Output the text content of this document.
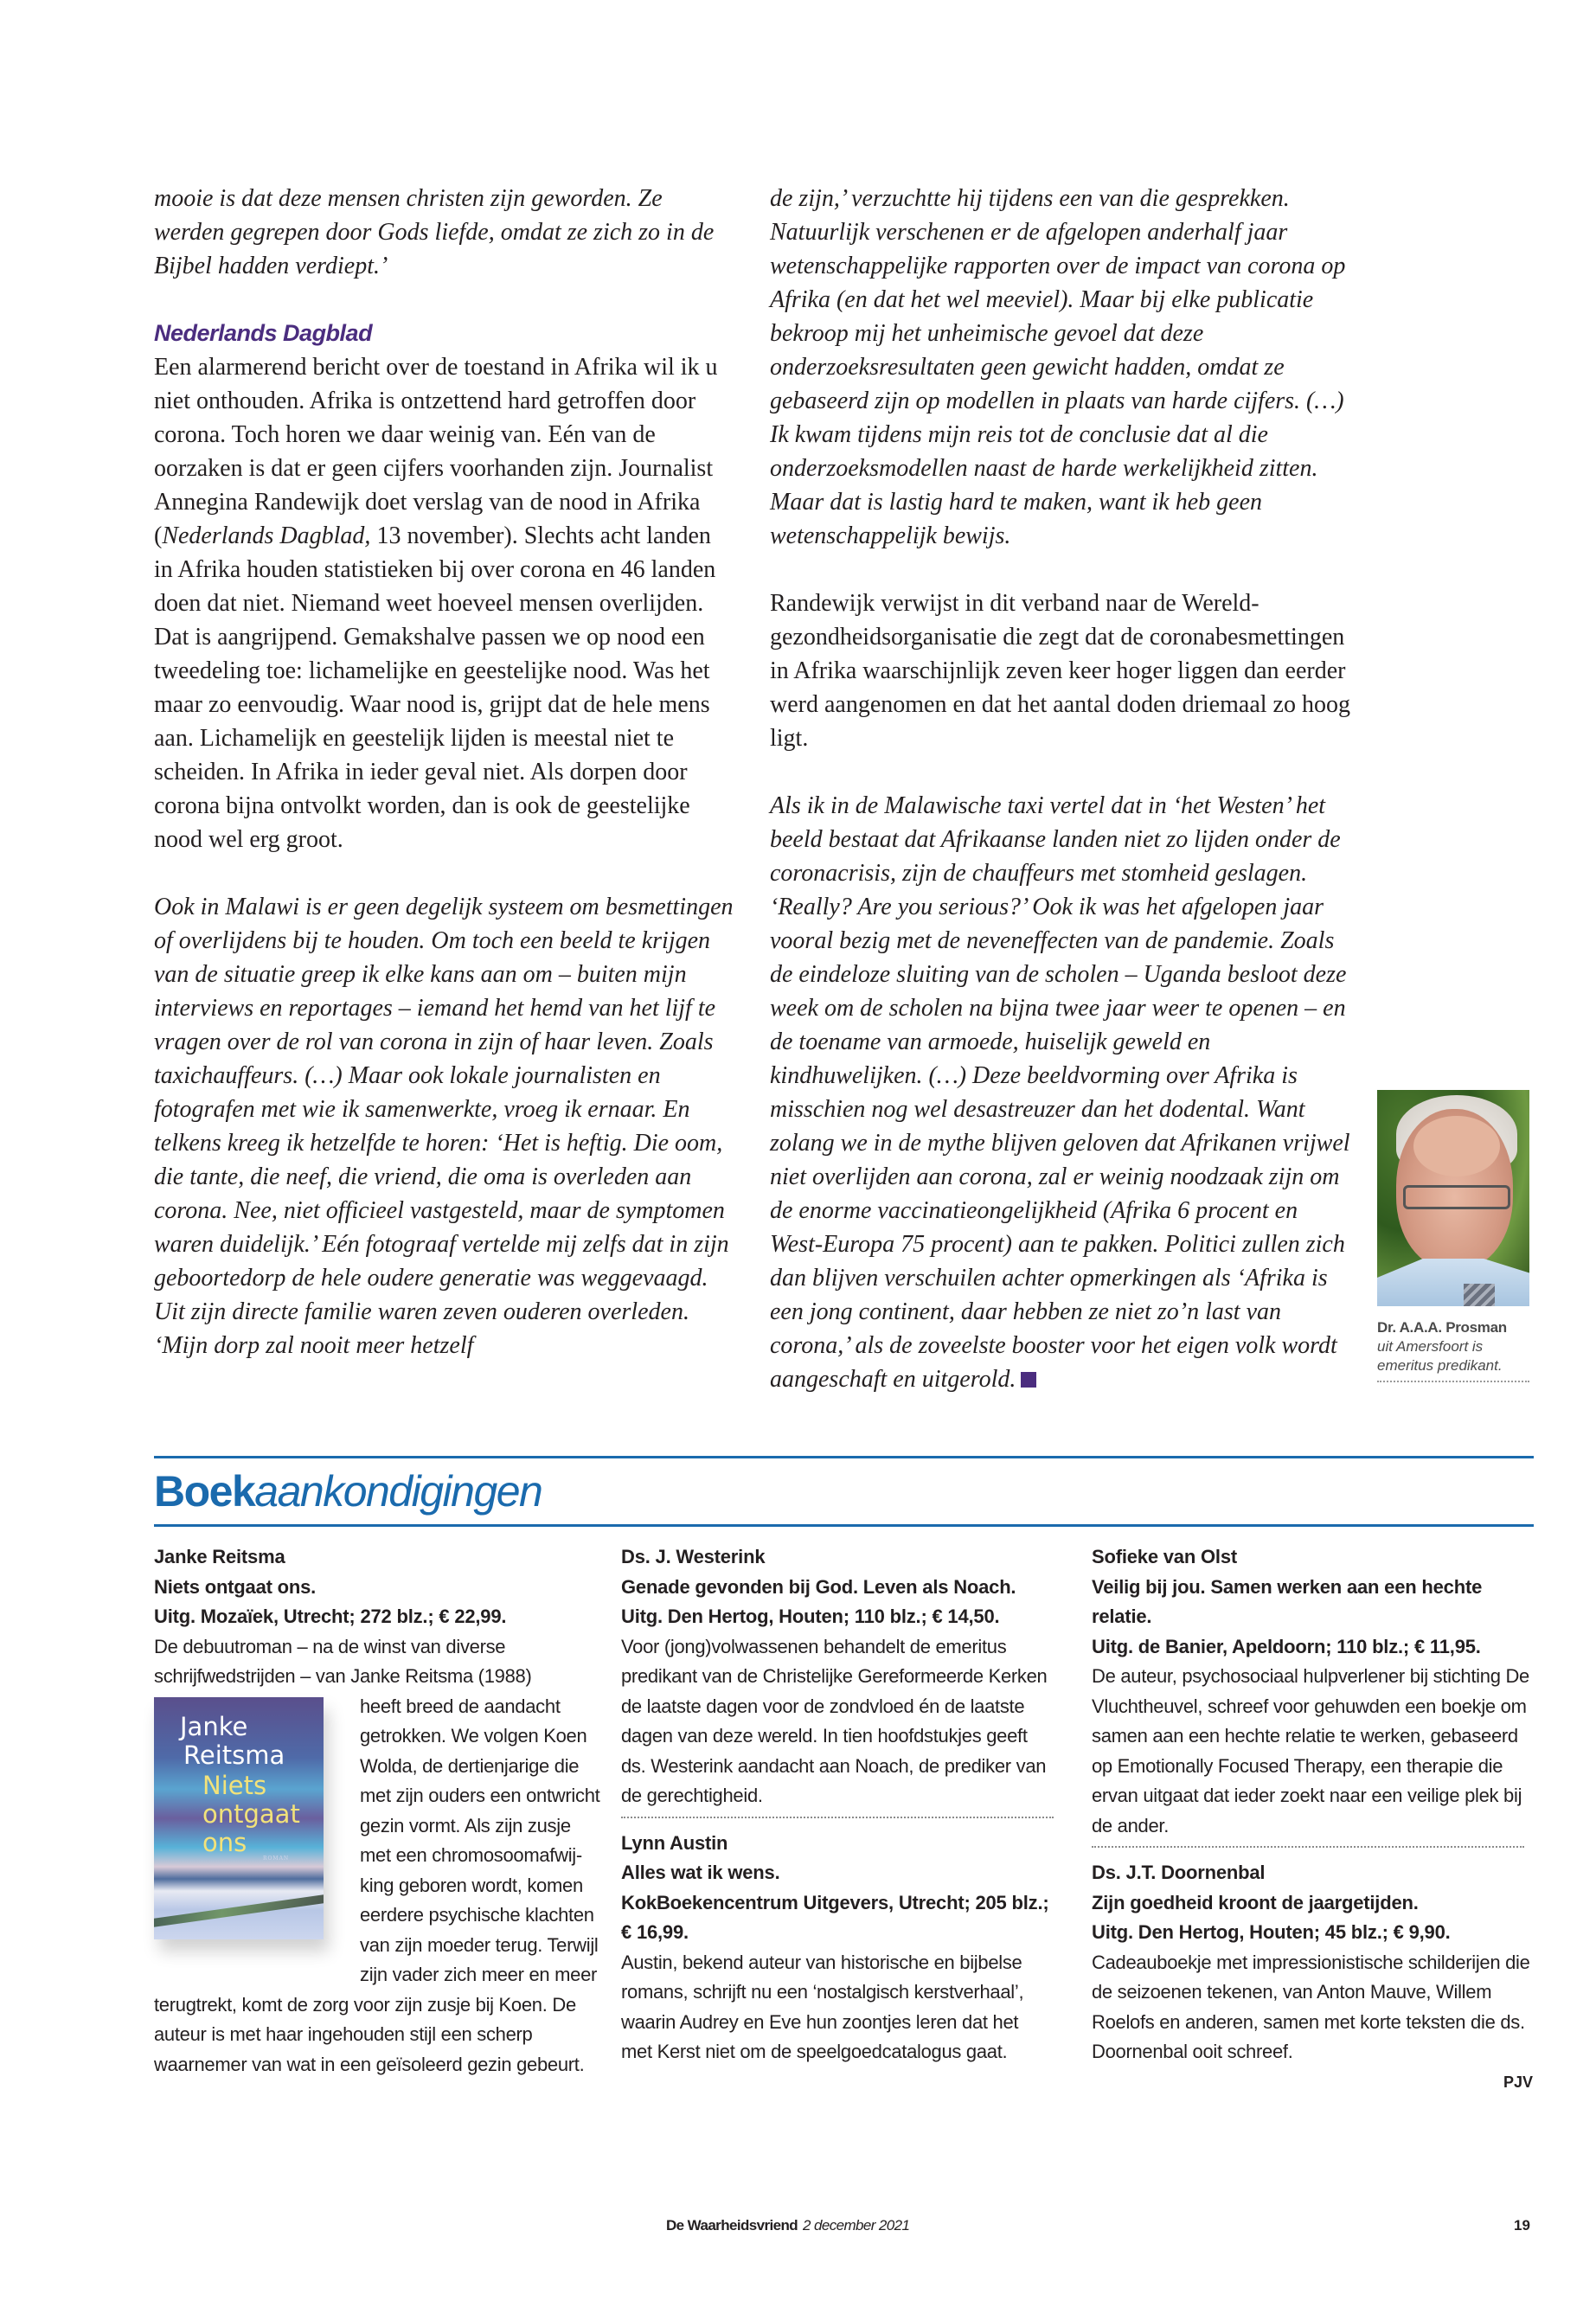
mooie is dat deze mensen christen zijn geworden. Ze werden gegrepen door Gods liefde, omdat ze zich zo in de Bijbel hadden verdiept.’

Nederlands Dagblad

Een alarmerend bericht over de toestand in Afrika wil ik u niet onthouden. Afrika is ontzettend hard getroffen door corona. Toch horen we daar weinig van. Eén van de oorzaken is dat er geen cijfers voorhanden zijn. Journalist Annegina Randewijk doet verslag van de nood in Afrika (Nederlands Dagblad, 13 november). Slechts acht landen in Afrika houden statistieken bij over corona en 46 landen doen dat niet. Niemand weet hoeveel mensen overlijden. Dat is aangrijpend. Gemakshalve passen we op nood een tweedeling toe: lichamelijke en geestelijke nood. Was het maar zo eenvoudig. Waar nood is, grijpt dat de hele mens aan. Lichamelijk en geestelijk lijden is meestal niet te scheiden. In Afrika in ieder geval niet. Als dorpen door corona bijna ontvolkt worden, dan is ook de geestelijke nood wel erg groot.

Ook in Malawi is er geen degelijk systeem om besmettingen of overlijdens bij te houden. Om toch een beeld te krijgen van de situatie greep ik elke kans aan om – buiten mijn interviews en reportages – iemand het hemd van het lijf te vragen over de rol van corona in zijn of haar leven. Zoals taxichauffeurs. (…) Maar ook lokale journalisten en fotografen met wie ik samenwerkte, vroeg ik ernaar. En telkens kreeg ik hetzelfde te horen: ‘Het is heftig. Die oom, die tante, die neef, die vriend, die oma is overleden aan corona. Nee, niet officieel vastgesteld, maar de symptomen waren duidelijk.’ Eén fotograaf vertelde mij zelfs dat in zijn geboortedorp de hele oudere generatie was weggevaagd. Uit zijn directe familie waren zeven ouderen overleden. ‘Mijn dorp zal nooit meer hetzelf

de zijn,’ verzuchtte hij tijdens een van die gesprekken. Natuurlijk verschenen er de afgelopen anderhalf jaar wetenschappelijke rapporten over de impact van corona op Afrika (en dat het wel meeviel). Maar bij elke publicatie bekroop mij het unheimische gevoel dat deze onderzoeksresultaten geen gewicht hadden, omdat ze gebaseerd zijn op modellen in plaats van harde cijfers. (…) Ik kwam tijdens mijn reis tot de conclusie dat al die onderzoeksmodellen naast de harde werkelijkheid zitten. Maar dat is lastig hard te maken, want ik heb geen wetenschappelijk bewijs.

Randewijk verwijst in dit verband naar de Wereldgezondheidsorganisatie die zegt dat de coronabesmettingen in Afrika waarschijnlijk zeven keer hoger liggen dan eerder werd aangenomen en dat het aantal doden driemaal zo hoog ligt.

Als ik in de Malawische taxi vertel dat in ‘het Westen’ het beeld bestaat dat Afrikaanse landen niet zo lijden onder de coronacrisis, zijn de chauffeurs met stomheid geslagen. ‘Really? Are you serious?’ Ook ik was het afgelopen jaar vooral bezig met de neveneffecten van de pandemie. Zoals de eindeloze sluiting van de scholen – Uganda besloot deze week om de scholen na bijna twee jaar weer te openen – en de toename van armoede, huiselijk geweld en kindhuwelijken. (…) Deze beeldvorming over Afrika is misschien nog wel desastreuzer dan het dodental. Want zolang we in de mythe blijven geloven dat Afrikanen vrijwel niet overlijden aan corona, zal er weinig noodzaak zijn om de enorme vaccinatieongelijkheid (Afrika 6 procent en West-Europa 75 procent) aan te pakken. Politici zullen zich dan blijven verschuilen achter opmerkingen als ‘Afrika is een jong continent, daar hebben ze niet zo’n last van corona,’ als de zoveelste booster voor het eigen volk wordt aangeschaft en uitgerold.

Dr. A.A.A. Prosman
uit Amersfoort is emeritus predikant.
Boek aankondigingen
Janke Reitsma
Niets ontgaat ons.
Uitg. Mozaïek, Utrecht; 272 blz.; € 22,99.
De debuutroman – na de winst van diverse schrijfwedstrijden – van Janke Reitsma (1988)
Janke
Reitsma
Niets
ontgaat
ons
ROMAN
heeft breed de aandacht getrokken. We volgen Koen Wolda, de dertienjarige die met zijn ouders een ontwricht gezin vormt. Als zijn zusje met een chromosoomafwijking geboren wordt, komen eerdere psychische klachten van zijn moeder terug. Terwijl zijn vader zich meer en meer terugtrekt, komt de zorg voor zijn zusje bij Koen. De auteur is met haar ingehouden stijl een scherp waarnemer van wat in een geïsoleerd gezin gebeurt.
Ds. J. Westerink
Genade gevonden bij God. Leven als Noach.
Uitg. Den Hertog, Houten; 110 blz.; € 14,50.
Voor (jong)volwassenen behandelt de emeritus predikant van de Christelijke Gereformeerde Kerken de laatste dagen voor de zondvloed én de laatste dagen van deze wereld. In tien hoofdstukjes geeft ds. Westerink aandacht aan Noach, de prediker van de gerechtigheid.
Lynn Austin
Alles wat ik wens.
KokBoekencentrum Uitgevers, Utrecht; 205 blz.; € 16,99.
Austin, bekend auteur van historische en bijbelse romans, schrijft nu een ‘nostalgisch kerstverhaal’, waarin Audrey en Eve hun zoontjes leren dat het met Kerst niet om de speelgoedcatalogus gaat.
Sofieke van Olst
Veilig bij jou. Samen werken aan een hechte relatie.
Uitg. de Banier, Apeldoorn; 110 blz.; € 11,95.
De auteur, psychosociaal hulpverlener bij stichting De Vluchtheuvel, schreef voor gehuwden een boekje om samen aan een hechte relatie te werken, gebaseerd op Emotionally Focused Therapy, een therapie die ervan uitgaat dat ieder zoekt naar een veilige plek bij de ander.
Ds. J.T. Doornenbal
Zijn goedheid kroont de jaargetijden.
Uitg. Den Hertog, Houten; 45 blz.; € 9,90.
Cadeauboekje met impressionistische schilderijen die de seizoenen tekenen, van Anton Mauve, Willem Roelofs en anderen, samen met korte teksten die ds. Doornenbal ooit schreef.
PJV
De Waarheidsvriend 2 december 2021	19
